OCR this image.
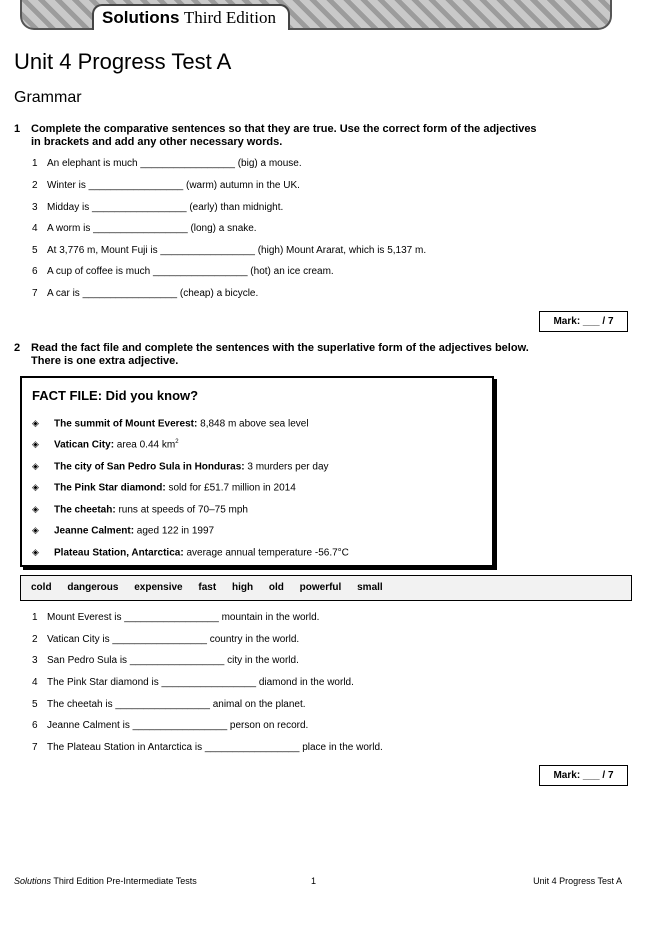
Solutions Third Edition
Unit 4 Progress Test A
Grammar
1 Complete the comparative sentences so that they are true. Use the correct form of the adjectives
in brackets and add any other necessary words.
1 An elephant is much _________________ (big) a mouse.
2 Winter is _________________ (warm) autumn in the UK.
3 Midday is _________________ (early) than midnight.
4 A worm is _________________ (long) a snake.
5 At 3,776 m, Mount Fuji is _________________ (high) Mount Ararat, which is 5,137 m.
6 A cup of coffee is much _________________ (hot) an ice cream.
7 A car is _________________ (cheap) a bicycle.
Mark: ___ / 7
2 Read the fact file and complete the sentences with the superlative form of the adjectives below.
There is one extra adjective.
FACT FILE: Did you know?
◈ The summit of Mount Everest: 8,848 m above sea level
◈ Vatican City: area 0.44 $km^2$
◈ The city of San Pedro Sula in Honduras: 3 murders per day
◈ The Pink Star diamond: sold for £51.7 million in 2014
◈ The cheetah: runs at speeds of 70–75 mph
◈ Jeanne Calment: aged 122 in 1997
◈ Plateau Station, Antarctica: average annual temperature -56.7°C
cold dangerous expensive fast high old powerful small
1 Mount Everest is _________________ mountain in the world.
2 Vatican City is _________________ country in the world.
3 San Pedro Sula is _________________ city in the world.
4 The Pink Star diamond is _________________ diamond in the world.
5 The cheetah is _________________ animal on the planet.
6 Jeanne Calment is _________________ person on record.
7 The Plateau Station in Antarctica is _________________ place in the world.
Mark: ___ / 7
Solutions Third Edition Pre-Intermediate Tests	1	Unit 4 Progress Test A
